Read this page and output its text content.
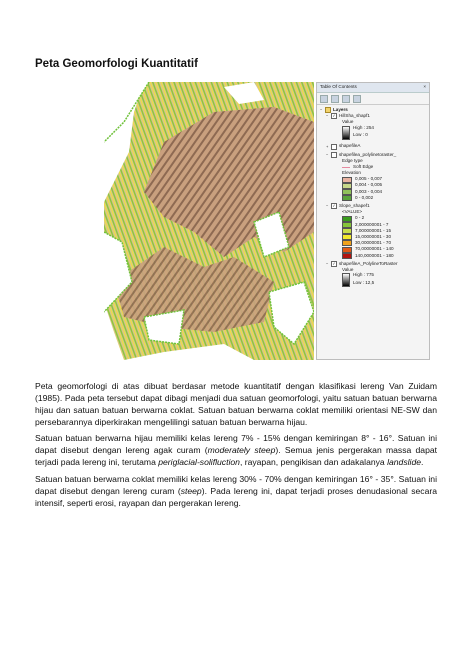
Peta Geomorfologi Kuantitatif
Table Of Contents	×
−	Layers
− ✓ HillSha_shapf1
Value
High : 254
Low : 0
+	shapefileA
−	shapefilea_polylinetoraster_
Edge type
Soft Edge
Elevation
0,005 - 0,007
0,004 - 0,005
0,003 - 0,004
0 - 0,002
− ✓ Slope_shapef1
<VALUE>
0 - 2
2,000000001 - 7
7,000000001 - 15
15,00000001 - 30
30,00000001 - 70
70,00000001 - 140
140,0000001 - 180
− ✓ shapefileA_PolylineToRaster
Value
High : 775
Low : 12,5

Peta geomorfologi di atas dibuat berdasar metode kuantitatif dengan klasifikasi lereng Van Zuidam (1985). Pada peta tersebut dapat dibagi menjadi dua satuan geomorfologi, yaitu satuan batuan berwarna hijau dan satuan batuan berwarna coklat. Satuan batuan berwarna coklat memiliki orientasi NE-SW dan persebarannya diperkirakan mengelilingi satuan batuan berwarna hijau.

Satuan batuan berwarna hijau memiliki kelas lereng 7% - 15% dengan kemiringan 8° - 16°. Satuan ini dapat disebut dengan lereng agak curam (moderately steep). Semua jenis pergerakan massa dapat terjadi pada lereng ini, terutama periglacial-solifluction, rayapan, pengikisan dan adakalanya landslide.

Satuan batuan berwarna coklat memiliki kelas lereng 30% - 70% dengan kemiringan 16° - 35°. Satuan ini dapat disebut dengan lereng curam (steep). Pada lereng ini, dapat terjadi proses denudasional secara intensif, seperti erosi, rayapan dan pergerakan lereng.
